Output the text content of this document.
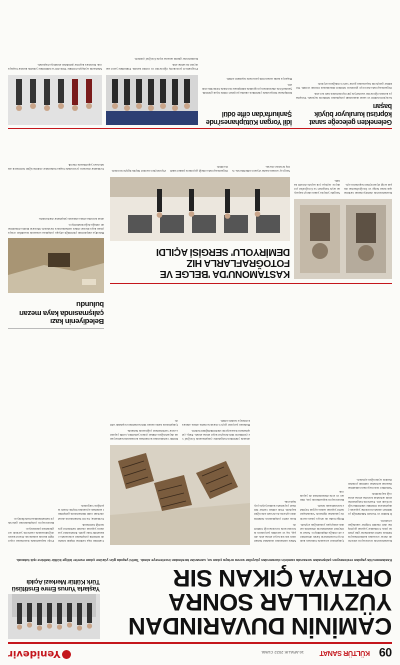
09
KÜLTÜR SANAT
16 ARALIK 2022 CUMA
Yenidevir
CAMİNİN DUVARINDAN
YÜZYILLAR SONRA
ORTAYA ÇIKAN SIR
Kastamonu'da yapılan restorasyon çalışmaları sırasında caminin duvarından yüzyıllar sonra ortaya çıkan sır, uzmanlar tarafından incelemeye alındı. Tarihi yapıda gün yüzüne çıkan eserler bölge kültür tarihine ışık tutacak.
Yaşlarla Yunus Emre Enstitüsü Türk Kültür Merkezi Açıldı

Kastamonu'da restorasyon sürecinde duvar sıvasının kaldırılmasıyla birlikte tarihi süslemeler gün yüzüne çıktı. Uzmanlar yapının geçmişine dair önemli bilgiler sunduğunu belirtti.

İl Kültür ve Turizm Müdürlüğü yetkilileri alanda inceleme yaparak çalışmaların titizlikle sürdürüleceğini ifade etti. Eserlerin belgelenmesinin ardından koruma altına alınacağı kaydedildi.

Yetkililer restorasyonun tamamlanmasının ardından caminin yeniden ibadete açılacağını açıkladı.

Çalışmalar sırasında bulunan kalem işi bezemelerin farklı dönemlere ait olduğu düşünülüyor. Sanat tarihçileri süslemelerin dönemin ustalık anlayışını yansıttığını söyledi.

Bölge halkı da ortaya çıkan eserlerle yakından ilgilendi. Vatandaşlar tarihi yapının aslına uygun biçimde korunmasını istedi.

Restorasyon kapsamında çatı, minare ve avlu düzenlemesi de yapılacak.

Müze uzmanları alandaki buluntuları tek tek kayıt altına aldı. Ahşap, taş ve seramik parçaların laboratuvarda inceleneceği bildirildi.

Kazı ekibi çalışmaların önümüzdeki aylarda da devam edeceğini kaydetti. Elde edilen veriler bilimsel yayınlarla kamuoyuyla paylaşılacak.

Caminin inşa tarihine ilişkin kitabe de temizlik çalışmaları sonrasında okunabilir hale geldi. Kitabedeki yazıların yapının onarım tarihlerini gösterdiği belirlendi.

Uzmanlar, bu tür buluntuların Anadolu'daki cami mimarisinin gelişimini anlamak açısından büyük önem taşıdığını vurguladı.

Proje kapsamında hazırlanan rapor ilgili kurula sunulacak. Kurul kararı doğrultusunda eserlerin yerinde sergilenmesi planlanıyor.

Restorasyon çalışmalarının gelecek yıl tamamlanması hedefleniyor.

Alanda yürütülen belgeleme çalışmasında fotoğraf ve çizimlerle tüm detaylar kayıt altına alındı. Ekip, çalışmaların hassasiyetle sürdürüldüğünü belirtti.

Bulunan parçalar geçici olarak koruma altına alınarak müzeye teslim edildi.

Kültür varlıklarının korunması konusunda kamuoyunun duyarlılığına dikkat çeken yetkililer, tarihi yapılara zarar verilmemesi çağrısında bulundu.

Çalışmalara katkı sunan tüm kurumlara teşekkür edildi.

Belediyenin kazı çalışmasında kaya mezarı bulundu

Belediye ekiplerinin yürüttüğü altyapı çalışması sırasında tesadüfen ortaya çıkan kaya mezarı müze uzmanlarınca incelendi. Mezarın Roma dönemine ait olduğu değerlendiriliyor.

Alan koruma altına alınarak çalışmalar durduruldu.

KASTAMONU'DA 'BELGE VE
FOTOĞRAFLARLA HIZ
DEMİRYOLU' SERGİSİ AÇILDI

Kastamonu'da demiryolunun tarihine ışık tutan belge ve fotoğraflardan oluşan sergi ziyaretçilere kapılarını açtı.

Sergide yüzyıla yakın süreyi kapsayan arşiv belgeleri ve fotoğraflar yer alıyor. Açılışa çok sayıda davetli katıldı.

Sergi ay sonuna kadar ziyaret edilebilecek. Giriş ücretsiz olacak.

Organizasyonda emeği geçenlere plaket takdim edildi.

Ziyaretçiler eserleri büyük ilgiyle inceledi.

Uzmanlar mezarın çevresinde başka buluntular olabileceğini belirterek alanda kazı yapılmasını önerdi.

Gelenekten geleceğe sanat köprüsü kuruluyor büyük başarı

Gençlerin kültür ve sanat alanındaki çalışmaları ödüllerle taçlandı. Yarışmaya katılan öğrenciler eserleriyle jüri üyelerinden tam not aldı.

Organizasyonda dereceye girenlere ödülleri düzenlenen törenle verildi. Yetkililer gençlerin başarısının gurur verici olduğunu söyledi.

İdil Yorgan Kütüphanesi'nde Şanlıurfa'dan cifte ödül

Kütüphane bünyesinde yürütülen okuma projeleri ödüle layık görüldü. Şanlıurfa'da düzenlenen programda kütüphane iki dalda birincilik elde etti.

Başarıya katkı sunan tüm personele teşekkür edildi.

Programa il protokolü, öğrenciler ve veliler katıldı. Etkinlikte yerel sanatçılar da sahne aldı.

Katılımcılar günün anısına toplu fotoğraf çektirdi.

Merkezin açılışıyla birlikte Türk dili ve kültürüne yönelik kurslar başlayacak. Kurslara kayıtlar şimdiden alınmaya başlandı.
